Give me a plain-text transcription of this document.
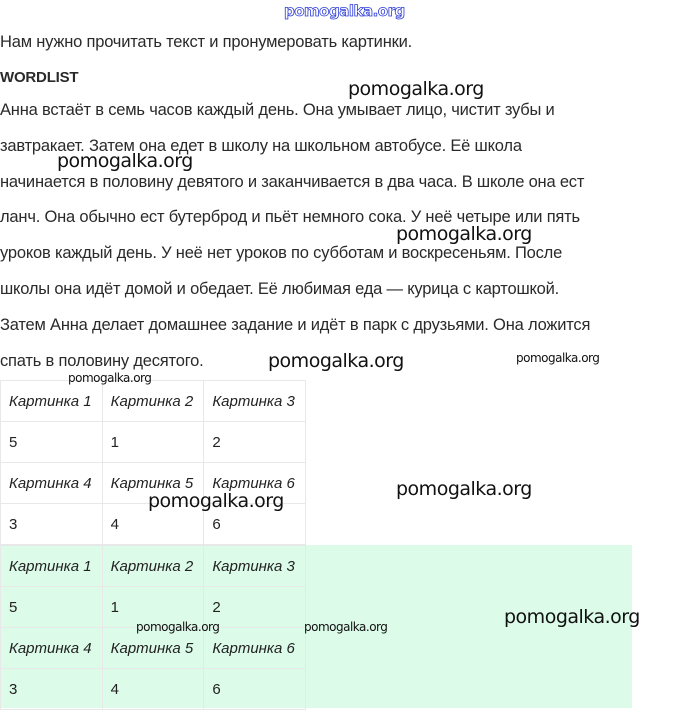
Нам нужно прочитать текст и пронумеровать картинки.
WORDLIST
Анна встаёт в семь часов каждый день. Она умывает лицо, чистит зубы и
завтракает. Затем она едет в школу на школьном автобусе. Её школа
начинается в половину девятого и заканчивается в два часа. В школе она ест
ланч. Она обычно ест бутерброд и пьёт немного сока. У неё четыре или пять
уроков каждый день. У неё нет уроков по субботам и воскресеньям. После
школы она идёт домой и обедает. Её любимая еда — курица с картошкой.
Затем Анна делает домашнее задание и идёт в парк с друзьями. Она ложится
спать в половину десятого.
Картинка 1	Картинка 2	Картинка 3
5	1	2
Картинка 4	Картинка 5	Картинка 6
3	4	6
Картинка 1	Картинка 2	Картинка 3
5	1	2
Картинка 4	Картинка 5	Картинка 6
3	4	6
pomogalka.org
pomogalka.org
pomogalka.org
pomogalka.org
pomogalka.org	pomogalka.org
pomogalka.org
pomogalka.org
pomogalka.org
pomogalka.org
pomogalka.org	pomogalka.org
